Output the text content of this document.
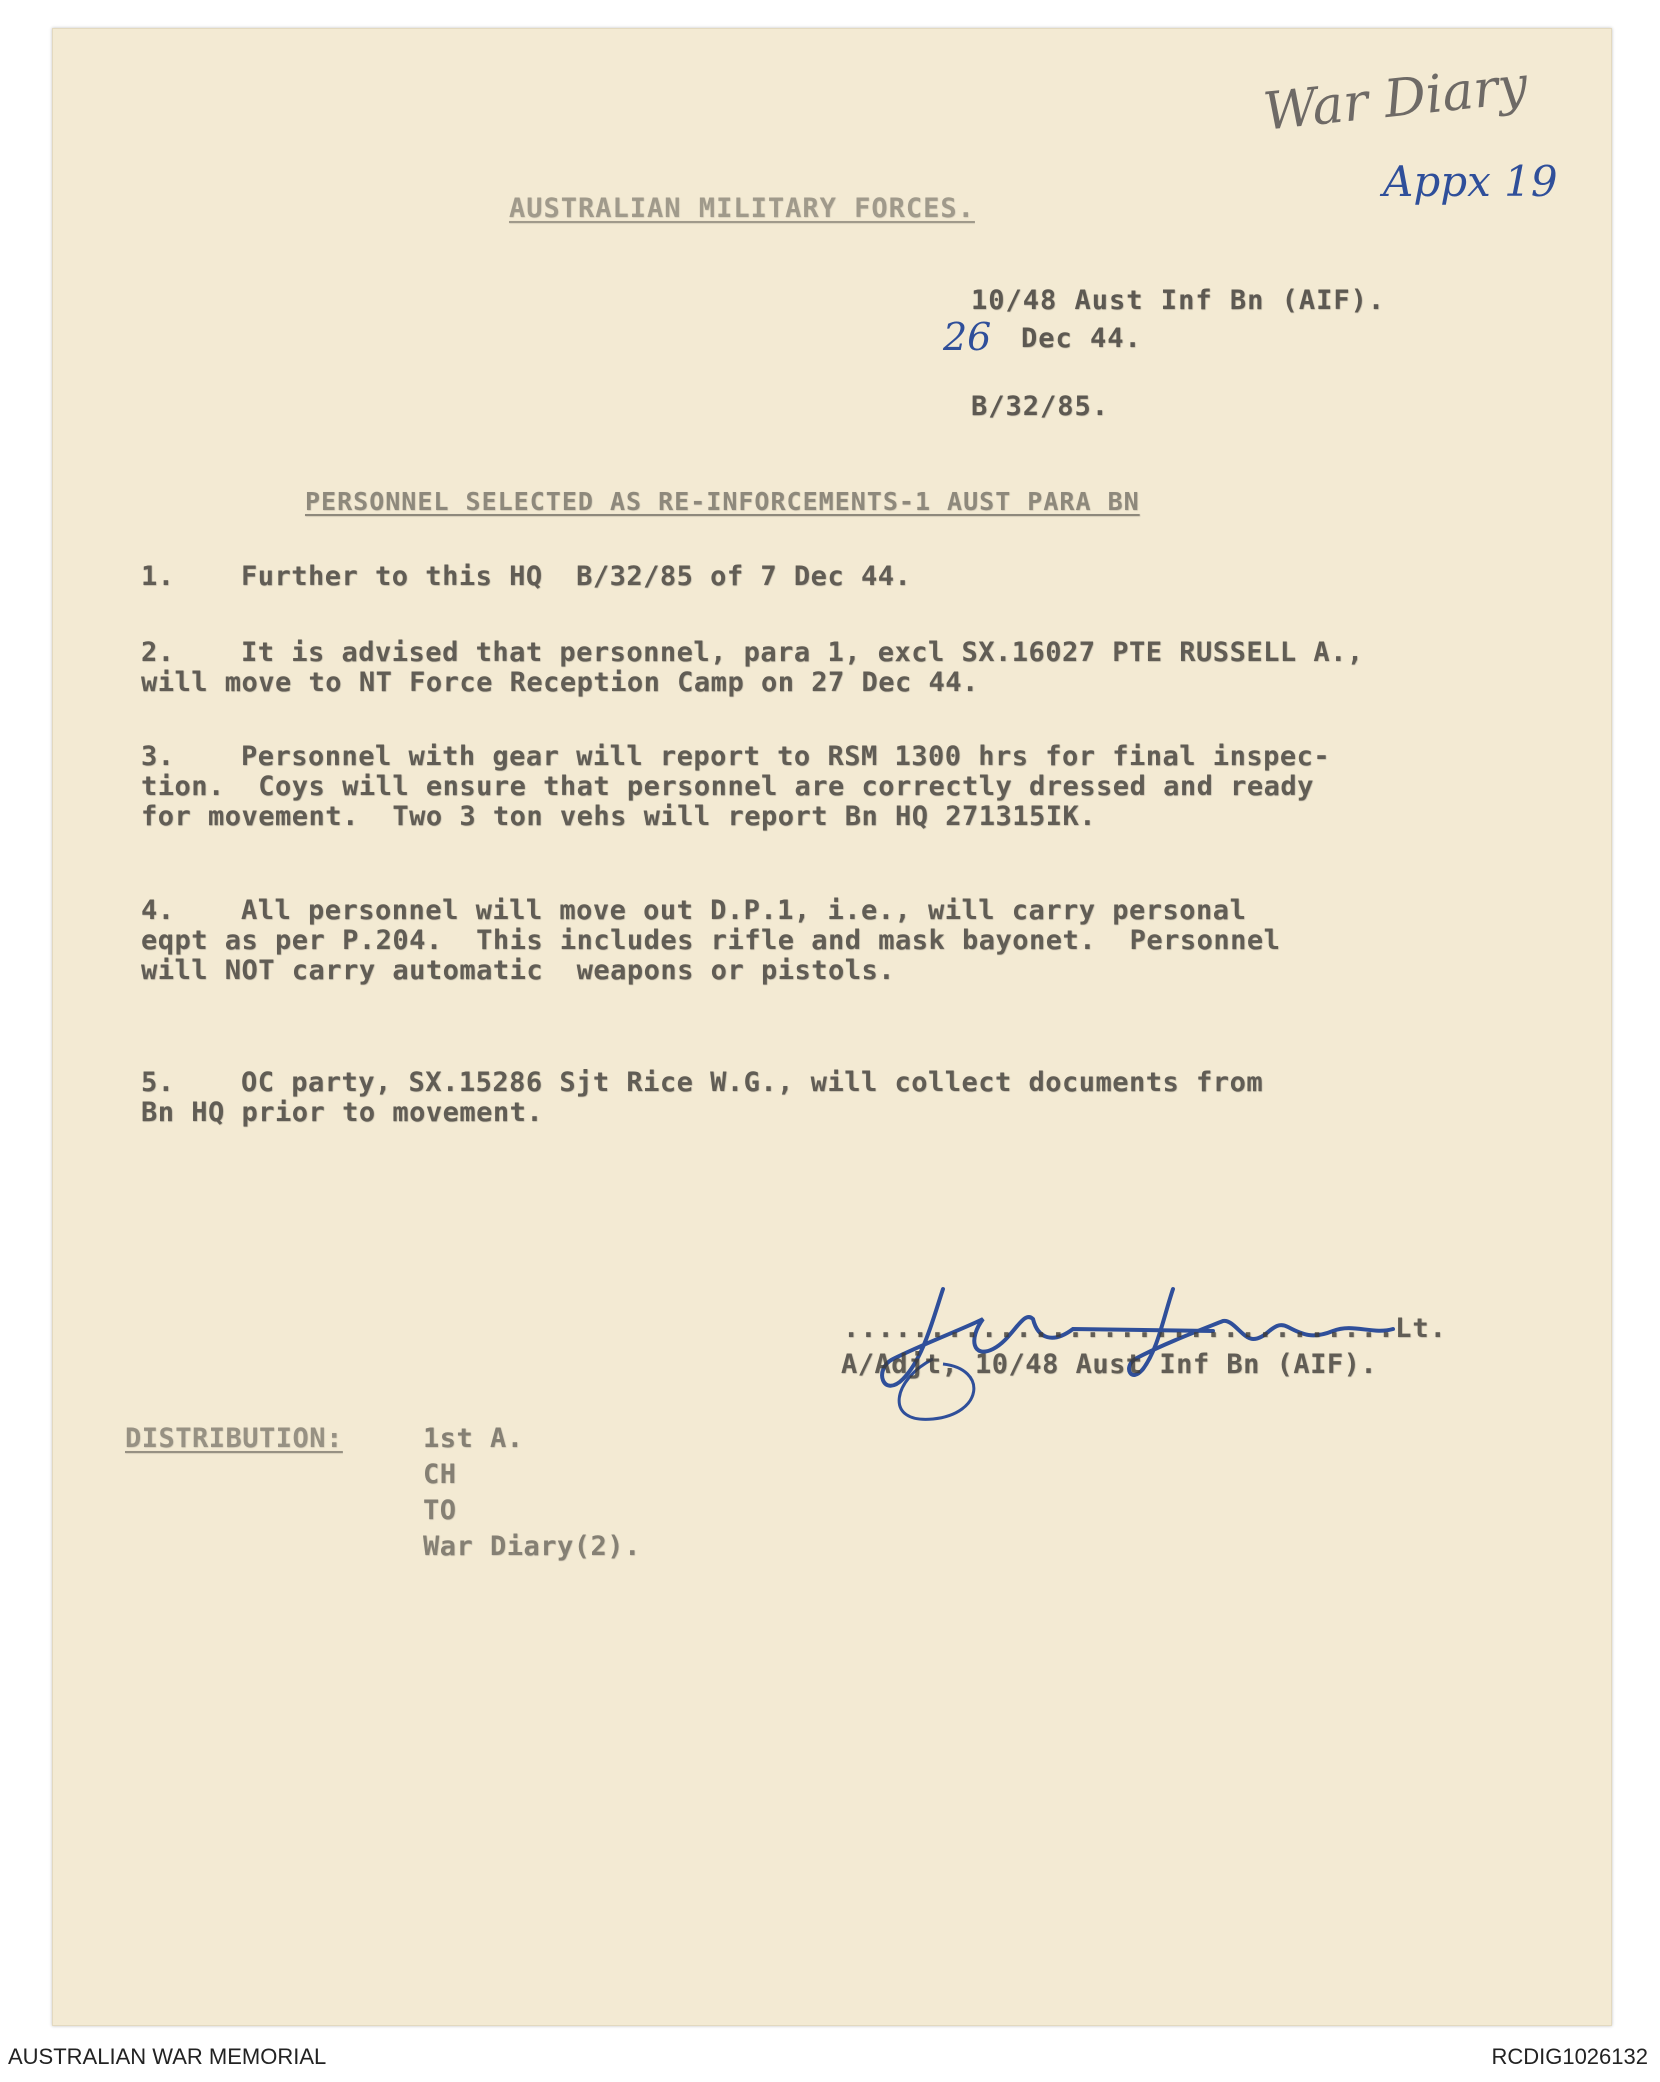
War Diary
Appx 19
AUSTRALIAN MILITARY FORCES.
10/48 Aust Inf Bn (AIF).
26 Dec 44.
B/32/85.
PERSONNEL SELECTED AS RE-INFORCEMENTS-1 AUST PARA BN
1. Further to this HQ  B/32/85 of 7 Dec 44.
2. It is advised that personnel, para 1, excl SX.16027 PTE RUSSELL A.,
will move to NT Force Reception Camp on 27 Dec 44.
3. Personnel with gear will report to RSM 1300 hrs for final inspec-
tion.  Coys will ensure that personnel are correctly dressed and ready
for movement.  Two 3 ton vehs will report Bn HQ 271315IK.
4. All personnel will move out D.P.1, i.e., will carry personal
eqpt as per P.204.  This includes rifle and mask bayonet.  Personnel
will NOT carry automatic  weapons or pistols.
5. OC party, SX.15286 Sjt Rice W.G., will collect documents from
Bn HQ prior to movement.
................................Lt.
A/Adjt, 10/48 Aust Inf Bn (AIF).
DISTRIBUTION:	1st A.
CH
TO
War Diary(2).
AUSTRALIAN WAR MEMORIAL	RCDIG1026132
